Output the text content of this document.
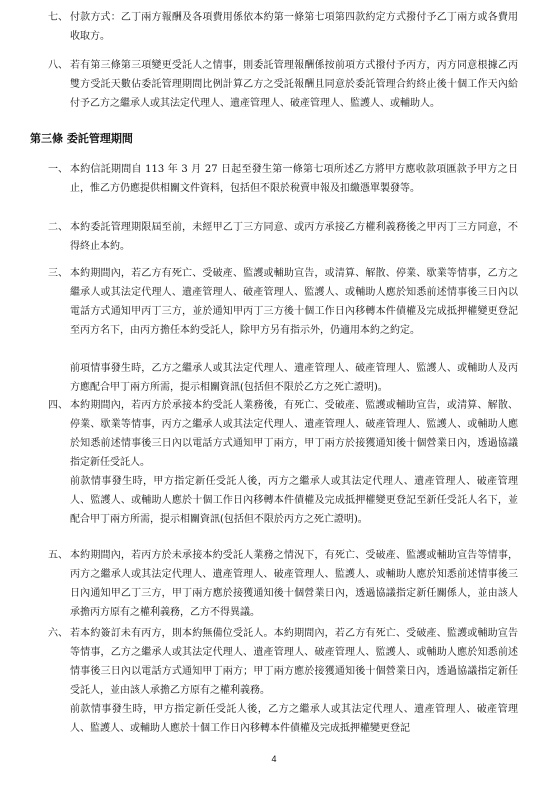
七、 付款方式：乙丁兩方報酬及各項費用係依本約第一條第七項第四款約定方式撥付予乙丁兩方或各費用收取方。
八、 若有第三條第三項變更受託人之情事，則委託管理報酬係按前項方式撥付予丙方，丙方同意根據乙丙雙方受託天數佔委託管理期間比例計算乙方之受託報酬且同意於委託管理合約終止後十個工作天內給付予乙方之繼承人或其法定代理人、遺產管理人、破產管理人、監護人、或輔助人。
第三條 委託管理期間
一、 本約信託期間自 113 年 3 月 27 日起至發生第一條第七項所述乙方將甲方應收款項匯款予甲方之日止，惟乙方仍應提供相關文件資料，包括但不限於稅賣申報及扣繳憑單製發等。
二、 本約委託管理期限屆至前，未經甲乙丁三方同意、或丙方承接乙方權利義務後之甲丙丁三方同意，不得終止本約。
三、 本約期間內，若乙方有死亡、受破產、監護或輔助宣告，或清算、解散、停業、歇業等情事，乙方之繼承人或其法定代理人、遺產管理人、破產管理人、監護人、或輔助人應於知悉前述情事後三日內以電話方式通知甲丙丁三方，並於通知甲丙丁三方後十個工作日內移轉本件債權及完成抵押權變更登記至丙方名下，由丙方擔任本約受託人，除甲方另有指示外，仍適用本約之約定。
前項情事發生時，乙方之繼承人或其法定代理人、遺產管理人、破產管理人、監護人、或輔助人及丙方應配合甲丁兩方所需，提示相關資訊(包括但不限於乙方之死亡證明)。
四、 本約期間內，若丙方於承接本約受託人業務後，有死亡、受破產、監護或輔助宣告，或清算、解散、停業、歇業等情事，丙方之繼承人或其法定代理人、遺產管理人、破產管理人、監護人、或輔助人應於知悉前述情事後三日內以電話方式通知甲丁兩方，甲丁兩方於接獲通知後十個營業日內，透過協議指定新任受託人。
前款情事發生時，甲方指定新任受託人後，丙方之繼承人或其法定代理人、遺產管理人、破產管理人、監護人、或輔助人應於十個工作日內移轉本件債權及完成抵押權變更登記至新任受託人名下，並配合甲丁兩方所需，提示相關資訊(包括但不限於丙方之死亡證明)。
五、 本約期間內，若丙方於未承接本約受託人業務之情況下，有死亡、受破產、監護或輔助宣告等情事，丙方之繼承人或其法定代理人、遺產管理人、破產管理人、監護人、或輔助人應於知悉前述情事後三日內通知甲乙丁三方，甲丁兩方應於接獲通知後十個營業日內，透過協議指定新任關係人，並由該人承擔丙方原有之權利義務，乙方不得異議。
六、 若本約簽訂未有丙方，則本約無備位受託人。本約期間內，若乙方有死亡、受破產、監護或輔助宣告等情事，乙方之繼承人或其法定代理人、遺產管理人、破產管理人、監護人、或輔助人應於知悉前述情事後三日內以電話方式通知甲丁兩方；甲丁兩方應於接獲通知後十個營業日內，透過協議指定新任受託人，並由該人承擔乙方原有之權利義務。
前款情事發生時，甲方指定新任受託人後，乙方之繼承人或其法定代理人、遺產管理人、破產管理人、監護人、或輔助人應於十個工作日內移轉本件債權及完成抵押權變更登記
4
